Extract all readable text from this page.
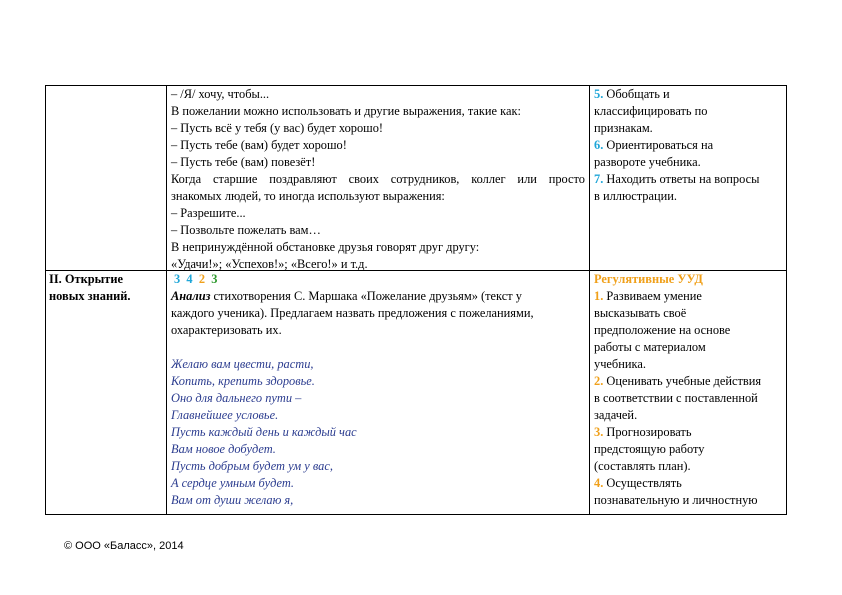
– /Я/ хочу, чтобы...
В пожелании можно использовать и другие выражения, такие как:
– Пусть всё у тебя (у вас) будет хорошо!
– Пусть тебе (вам) будет хорошо!
– Пусть тебе (вам) повезёт!
Когда старшие поздравляют своих сотрудников, коллег или просто
знакомых людей, то иногда используют выражения:
– Разрешите...
– Позвольте пожелать вам…
В непринуждённой обстановке друзья говорят друг другу:
«Удачи!»; «Успехов!»; «Всего!» и т.д.
5. Обобщать и
классифицировать по
признакам.
6. Ориентироваться на
развороте учебника.
7. Находить ответы на вопросы
в иллюстрации.
II. Открытие
новых знаний.
3 4 2 3
Анализ стихотворения С. Маршака «Пожелание друзьям» (текст у
каждого ученика). Предлагаем назвать предложения с пожеланиями,
охарактеризовать их.

Желаю вам цвести, расти,
Копить, крепить здоровье.
Оно для дальнего пути –
Главнейшее условье.
Пусть каждый день и каждый час
Вам новое добудет.
Пусть добрым будет ум у вас,
А сердце умным будет.
Вам от души желаю я,
Регулятивные УУД
1. Развиваем умение
высказывать своё
предположение на основе
работы с материалом
учебника.
2. Оценивать учебные действия
в соответствии с поставленной
задачей.
3. Прогнозировать
предстоящую работу
(составлять план).
4. Осуществлять
познавательную и личностную
© ООО «Баласс», 2014
